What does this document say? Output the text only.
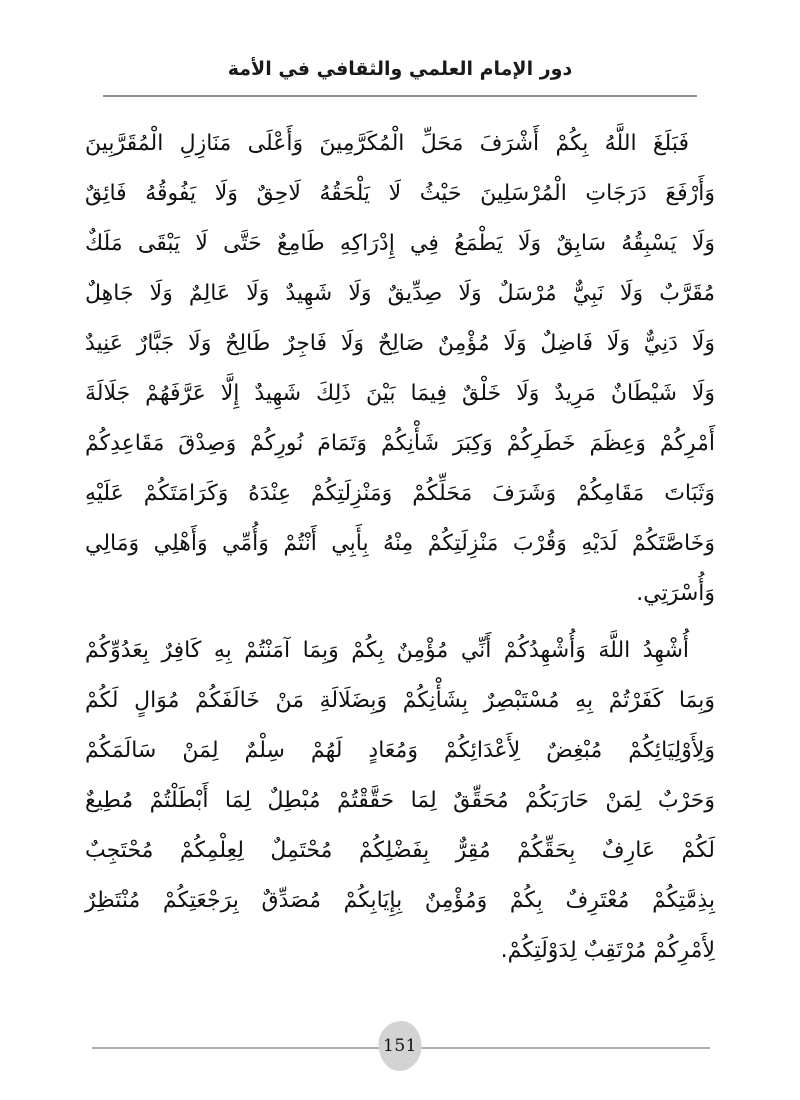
دور الإمام العلمي والثقافي في الأمة
فَبَلَغَ اللَّهُ بِكُمْ أَشْرَفَ مَحَلِّ الْمُكَرَّمِينَ وَأَعْلَى مَنَازِلِ الْمُقَرَّبِينَ
وَأَرْفَعَ دَرَجَاتِ الْمُرْسَلِينَ حَيْثُ لَا يَلْحَقُهُ لَاحِقٌ وَلَا يَفُوقُهُ فَائِقٌ
وَلَا يَسْبِقُهُ سَابِقٌ وَلَا يَطْمَعُ فِي إِدْرَاكِهِ طَامِعٌ حَتَّى لَا يَبْقَى مَلَكٌ
مُقَرَّبٌ وَلَا نَبِيٌّ مُرْسَلٌ وَلَا صِدِّيقٌ وَلَا شَهِيدٌ وَلَا عَالِمٌ وَلَا جَاهِلٌ
وَلَا دَنِيٌّ وَلَا فَاضِلٌ وَلَا مُؤْمِنٌ صَالِحٌ وَلَا فَاجِرٌ طَالِحٌ وَلَا جَبَّارٌ عَنِيدٌ
وَلَا شَيْطَانٌ مَرِيدٌ وَلَا خَلْقٌ فِيمَا بَيْنَ ذَلِكَ شَهِيدٌ إِلَّا عَرَّفَهُمْ جَلَالَةَ
أَمْرِكُمْ وَعِظَمَ خَطَرِكُمْ وَكِبَرَ شَأْنِكُمْ وَتَمَامَ نُورِكُمْ وَصِدْقَ مَقَاعِدِكُمْ
وَثَبَاتَ مَقَامِكُمْ وَشَرَفَ مَحَلِّكُمْ وَمَنْزِلَتِكُمْ عِنْدَهُ وَكَرَامَتَكُمْ عَلَيْهِ
وَخَاصَّتَكُمْ لَدَيْهِ وَقُرْبَ مَنْزِلَتِكُمْ مِنْهُ بِأَبِي أَنْتُمْ وَأُمِّي وَأَهْلِي وَمَالِي
وَأُسْرَتِي.
أُشْهِدُ اللَّهَ وَأُشْهِدُكُمْ أَنِّي مُؤْمِنٌ بِكُمْ وَبِمَا آمَنْتُمْ بِهِ كَافِرٌ بِعَدُوِّكُمْ
وَبِمَا كَفَرْتُمْ بِهِ مُسْتَبْصِرٌ بِشَأْنِكُمْ وَبِضَلَالَةِ مَنْ خَالَفَكُمْ مُوَالٍ لَكُمْ
وَلِأَوْلِيَائِكُمْ مُبْغِضٌ لِأَعْدَائِكُمْ وَمُعَادٍ لَهُمْ سِلْمٌ لِمَنْ سَالَمَكُمْ
وَحَرْبٌ لِمَنْ حَارَبَكُمْ مُحَقِّقٌ لِمَا حَقَّقْتُمْ مُبْطِلٌ لِمَا أَبْطَلْتُمْ مُطِيعٌ
لَكُمْ عَارِفٌ بِحَقِّكُمْ مُقِرٌّ بِفَضْلِكُمْ مُحْتَمِلٌ لِعِلْمِكُمْ مُحْتَجِبٌ
بِذِمَّتِكُمْ مُعْتَرِفٌ بِكُمْ وَمُؤْمِنٌ بِإِيَابِكُمْ مُصَدِّقٌ بِرَجْعَتِكُمْ مُنْتَظِرٌ
لِأَمْرِكُمْ مُرْتَقِبٌ لِدَوْلَتِكُمْ.
151
